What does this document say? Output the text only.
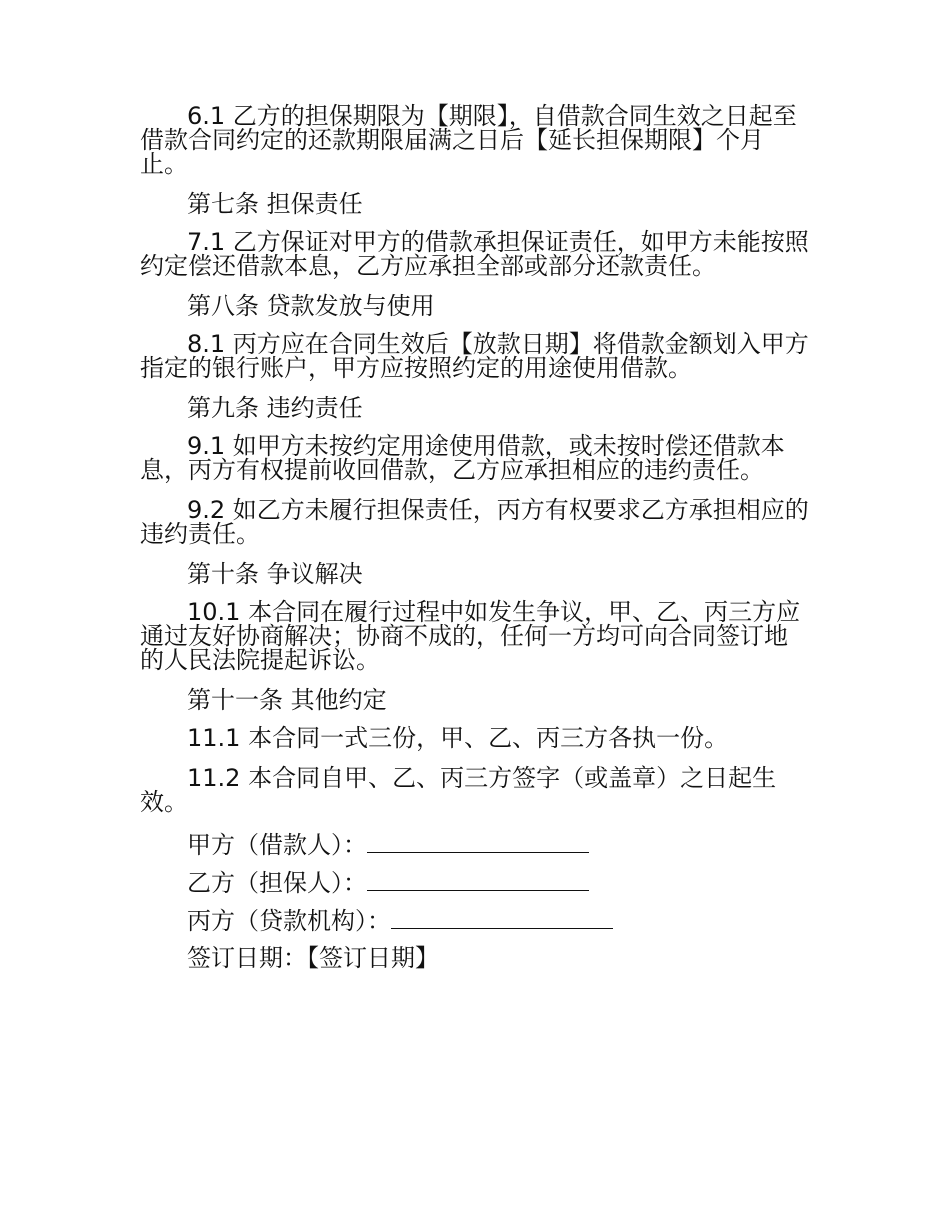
6.1 乙方的担保期限为【期限】，自借款合同生效之日起至借款合同约定的还款期限届满之日后【延长担保期限】个月止。

第七条 担保责任

7.1 乙方保证对甲方的借款承担保证责任，如甲方未能按照约定偿还借款本息，乙方应承担全部或部分还款责任。

第八条 贷款发放与使用

8.1 丙方应在合同生效后【放款日期】将借款金额划入甲方指定的银行账户，甲方应按照约定的用途使用借款。

第九条 违约责任

9.1 如甲方未按约定用途使用借款，或未按时偿还借款本息，丙方有权提前收回借款，乙方应承担相应的违约责任。

9.2 如乙方未履行担保责任，丙方有权要求乙方承担相应的违约责任。

第十条 争议解决

10.1 本合同在履行过程中如发生争议，甲、乙、丙三方应通过友好协商解决；协商不成的，任何一方均可向合同签订地的人民法院提起诉讼。

第十一条 其他约定

11.1 本合同一式三份，甲、乙、丙三方各执一份。

11.2 本合同自甲、乙、丙三方签字（或盖章）之日起生效。

甲方（借款人）：
乙方（担保人）：
丙方（贷款机构）：
签订日期：【签订日期】
